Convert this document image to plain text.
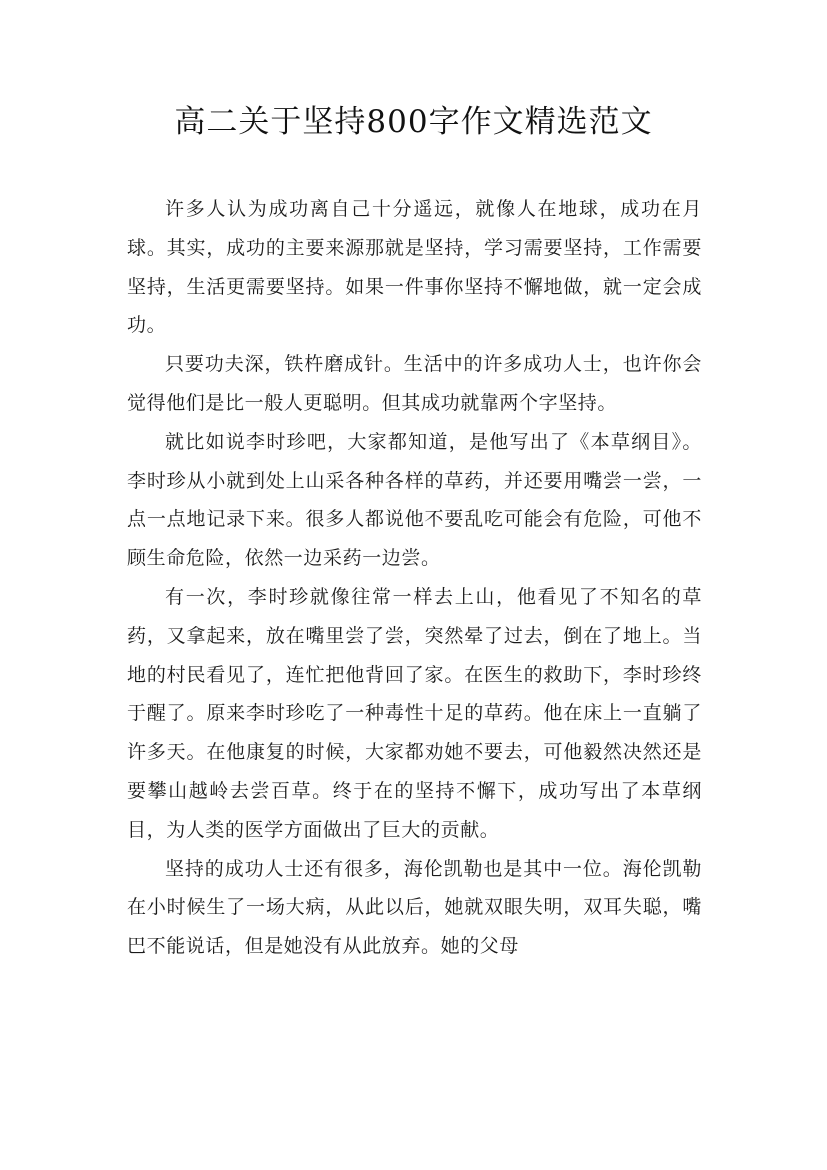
高二关于坚持800字作文精选范文

许多人认为成功离自己十分遥远，就像人在地球，成功在月球。其实，成功的主要来源那就是坚持，学习需要坚持，工作需要坚持，生活更需要坚持。如果一件事你坚持不懈地做，就一定会成功。

只要功夫深，铁杵磨成针。生活中的许多成功人士，也许你会觉得他们是比一般人更聪明。但其成功就靠两个字坚持。

就比如说李时珍吧，大家都知道，是他写出了《本草纲目》。李时珍从小就到处上山采各种各样的草药，并还要用嘴尝一尝，一点一点地记录下来。很多人都说他不要乱吃可能会有危险，可他不顾生命危险，依然一边采药一边尝。

有一次，李时珍就像往常一样去上山，他看见了不知名的草药，又拿起来，放在嘴里尝了尝，突然晕了过去，倒在了地上。当地的村民看见了，连忙把他背回了家。在医生的救助下，李时珍终于醒了。原来李时珍吃了一种毒性十足的草药。他在床上一直躺了许多天。在他康复的时候，大家都劝她不要去，可他毅然决然还是要攀山越岭去尝百草。终于在的坚持不懈下，成功写出了本草纲目，为人类的医学方面做出了巨大的贡献。

坚持的成功人士还有很多，海伦凯勒也是其中一位。海伦凯勒在小时候生了一场大病，从此以后，她就双眼失明，双耳失聪，嘴巴不能说话，但是她没有从此放弃。她的父母
